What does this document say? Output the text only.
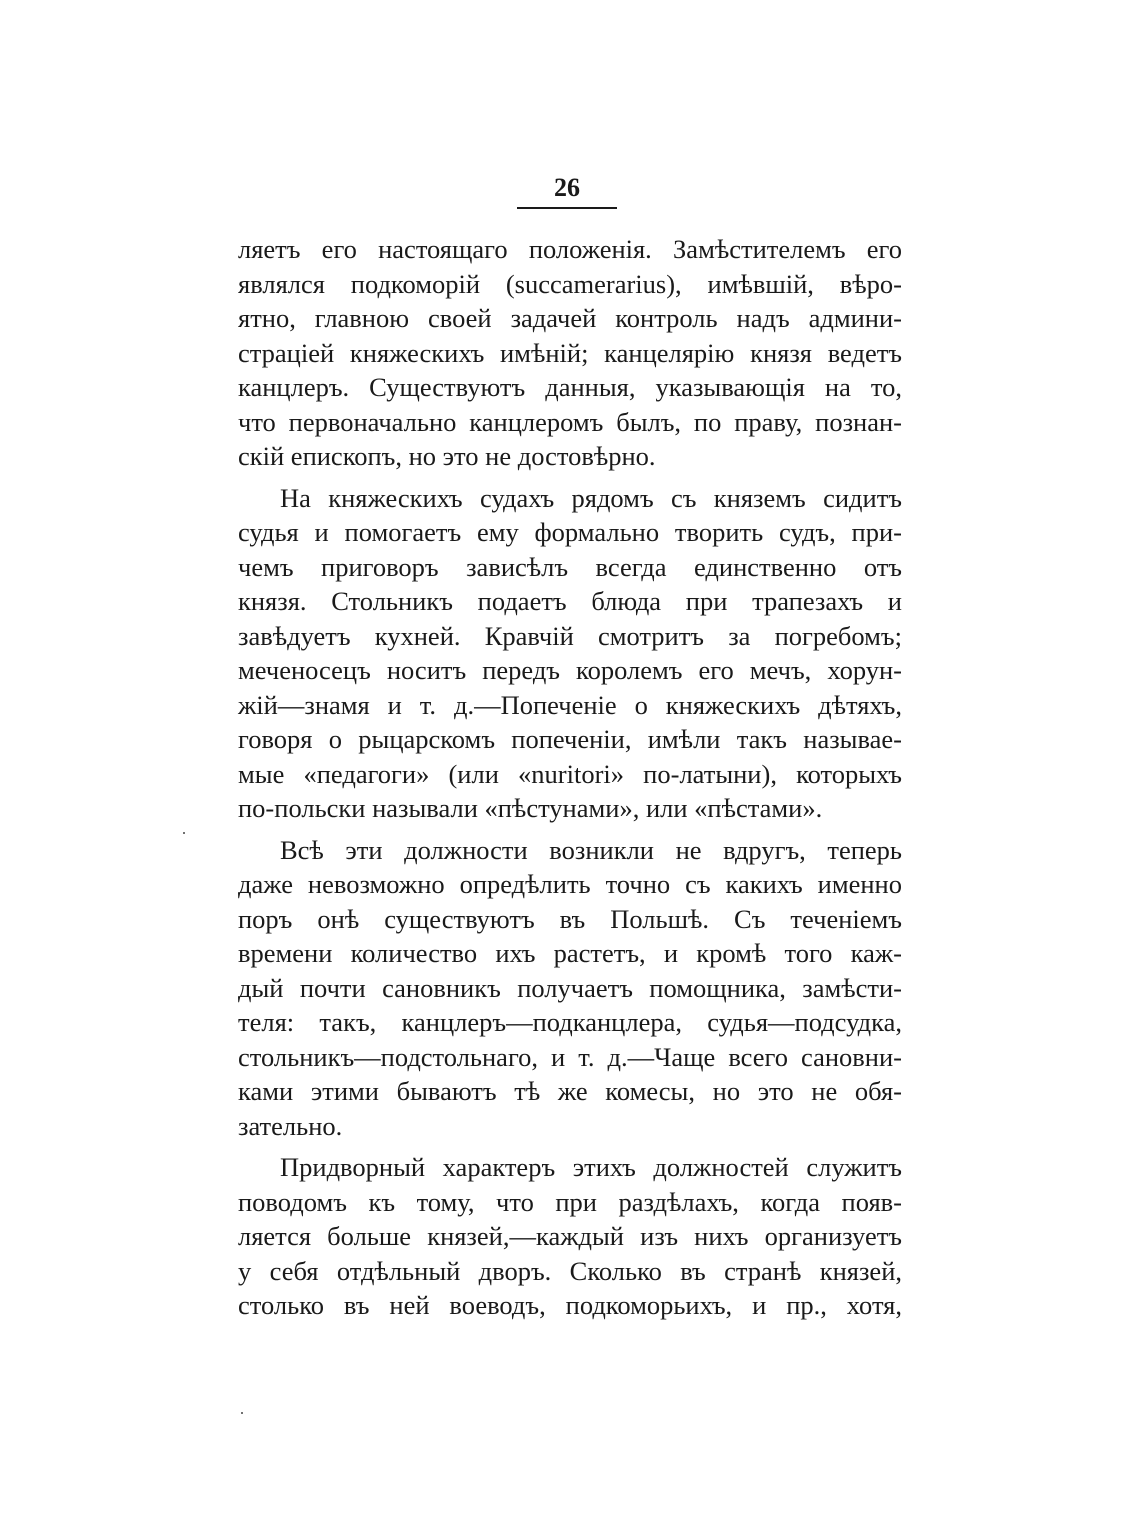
26
ляетъ его настоящаго положенія. Замѣстителемъ его
являлся подкоморій (succamerarius), имѣвшій, вѣро-
ятно, главною своей задачей контроль надъ админи-
страціей княжескихъ имѣній; канцелярію князя ведетъ
канцлеръ. Существуютъ данныя, указывающія на то,
что первоначально канцлеромъ былъ, по праву, познан-
скій епископъ, но это не достовѣрно.
На княжескихъ судахъ рядомъ съ княземъ сидитъ
судья и помогаетъ ему формально творить судъ, при-
чемъ приговоръ зависѣлъ всегда единственно отъ
князя. Стольникъ подаетъ блюда при трапезахъ и
завѣдуетъ кухней. Кравчій смотритъ за погребомъ;
мечeносецъ носитъ передъ королемъ его мечъ, хорун-
жій—знамя и т. д.—Попеченіе о княжескихъ дѣтяхъ,
говоря о рыцарскомъ попеченіи, имѣли такъ называе-
мые «педагоги» (или «nuritori» по-латыни), которыхъ
по-польски называли «пѣстунами», или «пѣстами».
Всѣ эти должности возникли не вдругъ, теперь
даже невозможно опредѣлить точно съ какихъ именно
поръ онѣ существуютъ въ Польшѣ. Съ теченіемъ
времени количество ихъ растетъ, и кромѣ того каж-
дый почти сановникъ получаетъ помощника, замѣсти-
теля: такъ, канцлеръ—подканцлера, судья—подсудка,
стольникъ—подстольнаго, и т. д.—Чаще всего сановни-
ками этими бываютъ тѣ же комесы, но это не обя-
зательно.
Придворный характеръ этихъ должностей служитъ
поводомъ къ тому, что при раздѣлахъ, когда появ-
ляется больше князей,—каждый изъ нихъ организуетъ
у себя отдѣльный дворъ. Сколько въ странѣ князей,
столько въ ней воеводъ, подкоморьихъ, и пр., хотя,
